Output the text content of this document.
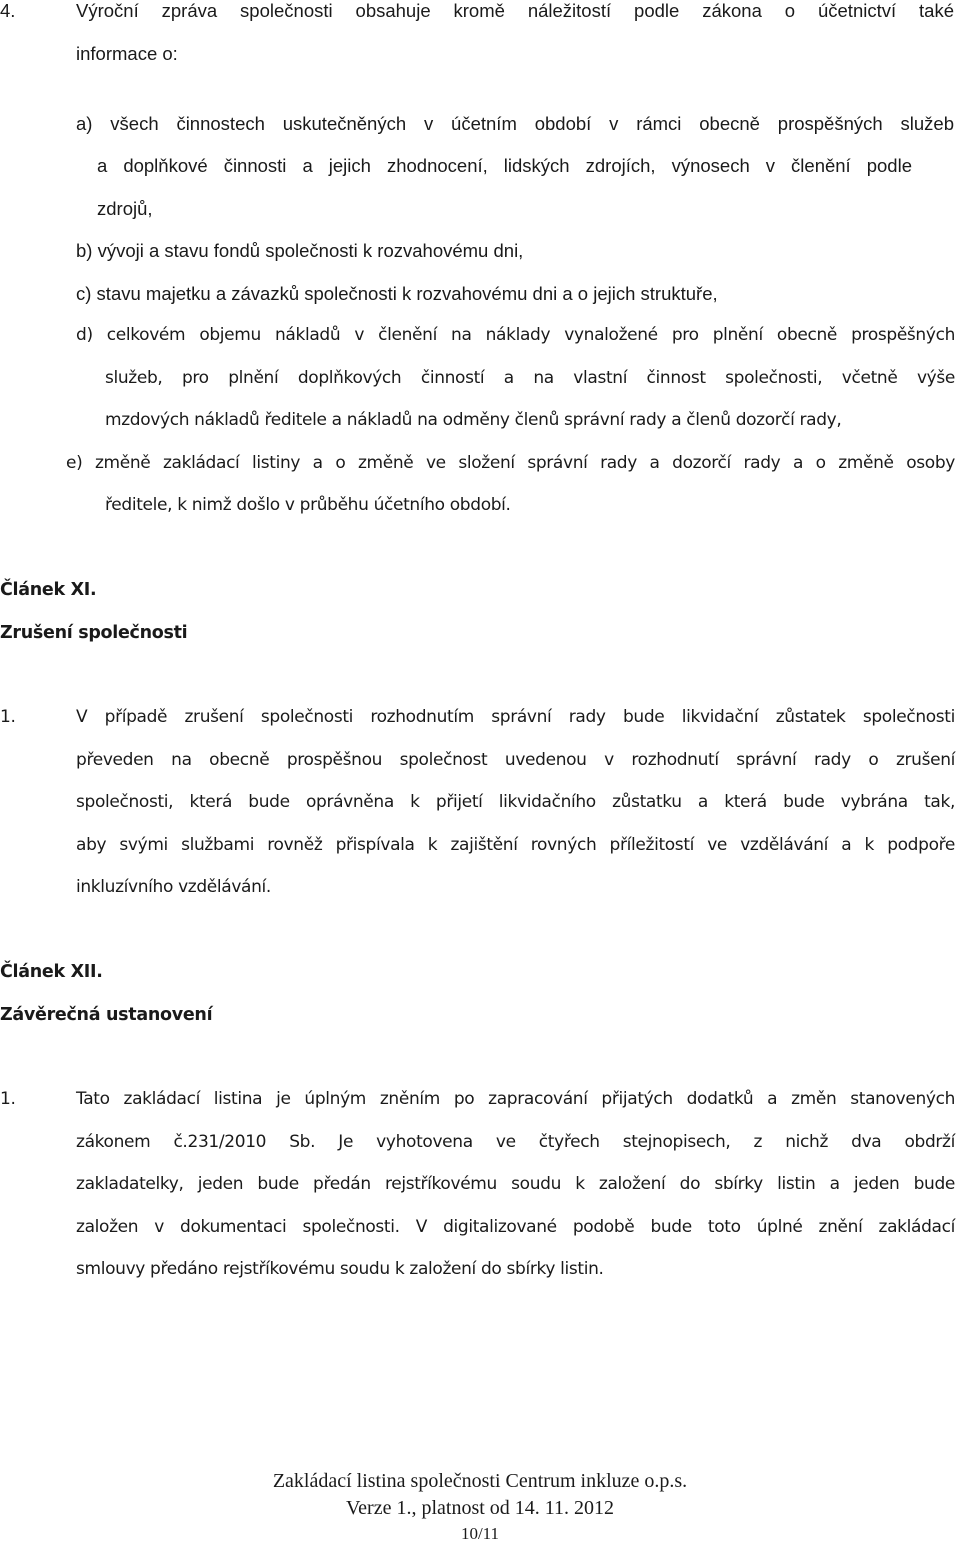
4.	Výroční zpráva společnosti obsahuje kromě náležitostí podle zákona o účetnictví také

informace o:

a) všech činnostech uskutečněných v účetním období v rámci obecně prospěšných služeb

a doplňkové činnosti a jejich zhodnocení, lidských zdrojích, výnosech v členění podle

zdrojů,

b) vývoji a stavu fondů společnosti k rozvahovému dni,

c) stavu majetku a závazků společnosti k rozvahovému dni a o jejich struktuře,

d) celkovém objemu nákladů v členění na náklady vynaložené pro plnění obecně prospěšných

služeb, pro plnění doplňkových činností a na vlastní činnost společnosti, včetně výše

mzdových nákladů ředitele a nákladů na odměny členů správní rady a členů dozorčí rady,

e) změně zakládací listiny a o změně ve složení správní rady a dozorčí rady a o změně osoby

ředitele, k nimž došlo v průběhu účetního období.

Článek XI.

Zrušení společnosti

1.	V případě zrušení společnosti rozhodnutím správní rady bude likvidační zůstatek společnosti

převeden na obecně prospěšnou společnost uvedenou v rozhodnutí správní rady o zrušení

společnosti, která bude oprávněna k přijetí likvidačního zůstatku a která bude vybrána tak,

aby svými službami rovněž přispívala k zajištění rovných příležitostí ve vzdělávání a k podpoře

inkluzívního vzdělávání.

Článek XII.

Závěrečná ustanovení

1.	Tato zakládací listina je úplným zněním po zapracování přijatých dodatků a změn stanovených

zákonem č.231/2010 Sb. Je vyhotovena ve čtyřech stejnopisech, z nichž dva obdrží

zakladatelky, jeden bude předán rejstříkovému soudu k založení do sbírky listin a jeden bude

založen v dokumentaci společnosti. V digitalizované podobě bude toto úplné znění zakládací

smlouvy předáno rejstříkovému soudu k založení do sbírky listin.

Zakládací listina společnosti Centrum inkluze o.p.s.

Verze 1., platnost od 14. 11. 2012

10/11
